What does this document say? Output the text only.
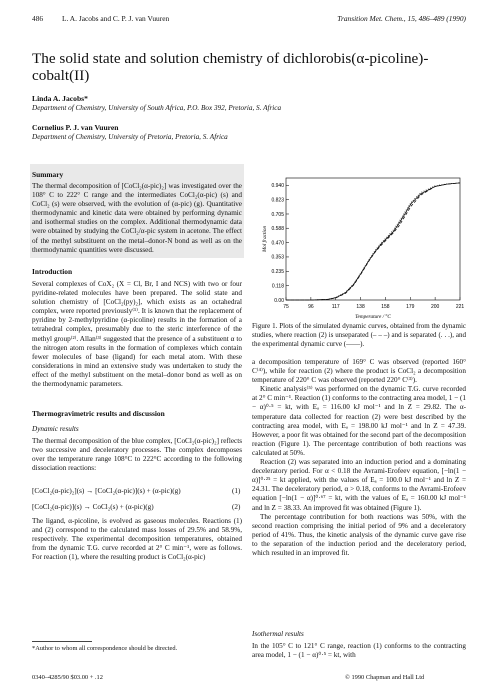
486	L. A. Jacobs and C. P. J. van Vuuren	Transition Met. Chem., 15, 486–489 (1990)
The solid state and solution chemistry of dichlorobis(α-picoline)-
cobalt(II)
Linda A. Jacobs*
Department of Chemistry, University of South Africa, P.O. Box 392, Pretoria, S. Africa
Cornelius P. J. van Vuuren
Department of Chemistry, University of Pretoria, Pretoria, S. Africa
Summary
The thermal decomposition of [CoCl₂(α-pic)₂] was investigated over the 108° C to 222° C range and the intermediates CoCl₂(α-pic) (s) and CoCl₂ (s) were observed, with the evolution of (α-pic) (g). Quantitative thermodynamic and kinetic data were obtained by performing dynamic and isothermal studies on the complex. Additional thermodynamic data were obtained by studying the CoCl₂/α-pic system in acetone. The effect of the methyl substituent on the metal–donor-N bond as well as on the thermodynamic quantities were discussed.
Introduction
Several complexes of CoX₂ (X = Cl, Br, I and NCS) with two or four pyridine-related molecules have been prepared. The solid state and solution chemistry of [CoCl₂(py)₂], which exists as an octahedral complex, were reported previously⁽¹⁾. It is known that the replacement of pyridine by 2-methylpyridine (α-picoline) results in the formation of a tetrahedral complex, presumably due to the steric interference of the methyl group⁽²⁾. Allan⁽³⁾ suggested that the presence of a substituent α to the nitrogen atom results in the formation of complexes which contain fewer molecules of base (ligand) for each metal atom. With these considerations in mind an extensive study was undertaken to study the effect of the methyl substituent on the metal–donor bond as well as on the thermodynamic parameters.
Thermogravimetric results and discussion
Dynamic results
The thermal decomposition of the blue complex, [CoCl₂(α-pic)₂] reflects two successive and deceleratory processes. The complex decomposes over the temperature range 108°C to 222°C according to the following dissociation reactions:
[CoCl₂(α-pic)₂](s) → [CoCl₂(α-pic)](s) + (α-pic)(g)	(1)
[CoCl₂(α-pic)](s) → CoCl₂(s) + (α-pic)(g)	(2)
The ligand, α-picoline, is evolved as gaseous molecules. Reactions (1) and (2) correspond to the calculated mass losses of 29.5% and 58.9%, respectively. The experimental decomposition temperatures, obtained from the dynamic T.G. curve recorded at 2° C min⁻¹, were as follows. For reaction (1), where the resulting product is CoCl₂(α-pic)
*Author to whom all correspondence should be directed.
0340–4285/90 $03.00 + .12	© 1990 Chapman and Hall Ltd
75	96	117	138	158	179	200	221
0.00
0.118
0.235
0.353
0.470
0.588
0.705
0.823
0.940
Temperature / °C
Mol fraction
Figure 1. Plots of the simulated dynamic curves, obtained from the dynamic studies, where reaction (2) is unseparated (– – –) and is separated (. . .), and the experimental dynamic curve (——).

a decomposition temperature of 169° C was observed (reported 160° C⁽⁴⁾), while for reaction (2) where the product is CoCl₂ a decomposition temperature of 220° C was observed (reported 220° C⁽³⁾).

Kinetic analysis⁽⁵⁾ was performed on the dynamic T.G. curve recorded at 2° C min⁻¹. Reaction (1) conforms to the contracting area model, 1 − (1 − α)⁰·⁵ = kt, with Eₐ = 116.00 kJ mol⁻¹ and ln Z = 29.82. The α-temperature data collected for reaction (2) were best described by the contracting area model, with Eₐ = 198.00 kJ mol⁻¹ and ln Z = 47.39. However, a poor fit was obtained for the second part of the decomposition reaction (Figure 1). The percentage contribution of both reactions was calculated at 50%.

Reaction (2) was separated into an induction period and a dominating deceleratory period. For α < 0.18 the Avrami-Erofeev equation, [−ln(1 − α)]⁰·²⁵ = kt applied, with the values of Eₐ = 100.0 kJ mol⁻¹ and ln Z = 24.31. The deceleratory period, α > 0.18, conforms to the Avrami-Erofeev equation [−ln(1 − α)]⁰·⁶⁷ = kt, with the values of Eₐ = 160.00 kJ mol⁻¹ and ln Z = 38.33. An improved fit was obtained (Figure 1).

The percentage contribution for both reactions was 50%, with the second reaction comprising the initial period of 9% and a deceleratory period of 41%. Thus, the kinetic analysis of the dynamic curve gave rise to the separation of the induction period and the deceleratory period, which resulted in an improved fit.

Isothermal results
In the 105° C to 121° C range, reaction (1) conforms to the contracting area model, 1 − (1 − α)⁰·⁵ = kt, with
